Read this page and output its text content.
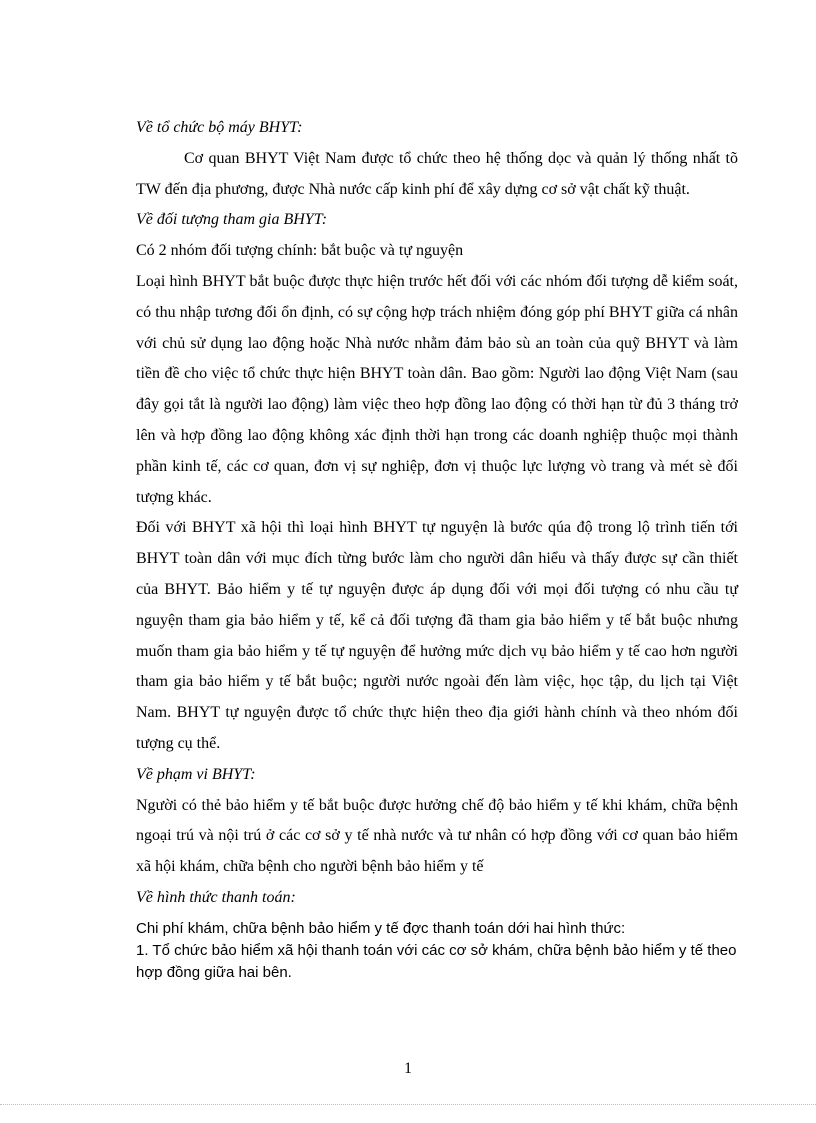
Về tổ chức bộ máy BHYT:

Cơ quan BHYT Việt Nam được tổ chức theo hệ thống dọc và quản lý thống nhất tõ TW đến địa phương, được Nhà nước cấp kinh phí để xây dựng cơ sở vật chất kỹ thuật.

Về đối tượng tham gia BHYT:

Có 2 nhóm đối tượng chính: bắt buộc và tự nguyện

Loại hình BHYT bắt buộc được thực hiện trước hết đối với các nhóm đối tượng dễ kiểm soát, có thu nhập tương đối ổn định, có sự cộng hợp trách nhiệm đóng góp phí BHYT giữa cá nhân với chủ sử dụng lao động hoặc Nhà nước nhằm đảm bảo sù an toàn của quỹ BHYT và làm tiền đề cho việc tổ chức thực hiện BHYT toàn dân. Bao gồm: Người lao động Việt Nam (sau đây gọi tắt là người lao động) làm việc theo hợp đồng lao động có thời hạn từ đủ 3 tháng trở lên và hợp đồng lao động không xác định thời hạn trong các doanh nghiệp thuộc mọi thành phần kinh tế, các cơ quan, đơn vị sự nghiệp, đơn vị thuộc lực lượng vò trang và mét sè đối tượng khác.

Đối với BHYT xã hội thì loại hình BHYT tự nguyện là bước qúa độ trong lộ trình tiến tới BHYT toàn dân với mục đích từng bước làm cho người dân hiểu và thấy được sự cần thiết của BHYT. Bảo hiểm y tế tự nguyện được áp dụng đối với mọi đối tượng có nhu cầu tự nguyện tham gia bảo hiểm y tế, kể cả đối tượng đã tham gia bảo hiểm y tế bắt buộc nhưng muốn tham gia bảo hiểm y tế tự nguyện để hưởng mức dịch vụ bảo hiểm y tế cao hơn người tham gia bảo hiểm y tế bắt buộc; người nước ngoài đến làm việc, học tập, du lịch tại Việt Nam. BHYT tự nguyện được tổ chức thực hiện theo địa giới hành chính và theo nhóm đối tượng cụ thể.

Về phạm vi BHYT:

Người có thẻ bảo hiểm y tế bắt buộc được hưởng chế độ bảo hiểm y tế khi khám, chữa bệnh ngoại trú và nội trú ở các cơ sở y tế nhà nước và tư nhân có hợp đồng với cơ quan bảo hiểm xã hội khám, chữa bệnh cho người bệnh bảo hiểm y tế

Về hình thức thanh toán:

Chi phí khám, chữa bệnh bảo hiểm y tế đợc thanh toán dới hai hình thức:

1. Tổ chức bảo hiểm xã hội thanh toán với các cơ sở khám, chữa bệnh bảo hiểm y tế theo hợp đồng giữa hai bên.

1
